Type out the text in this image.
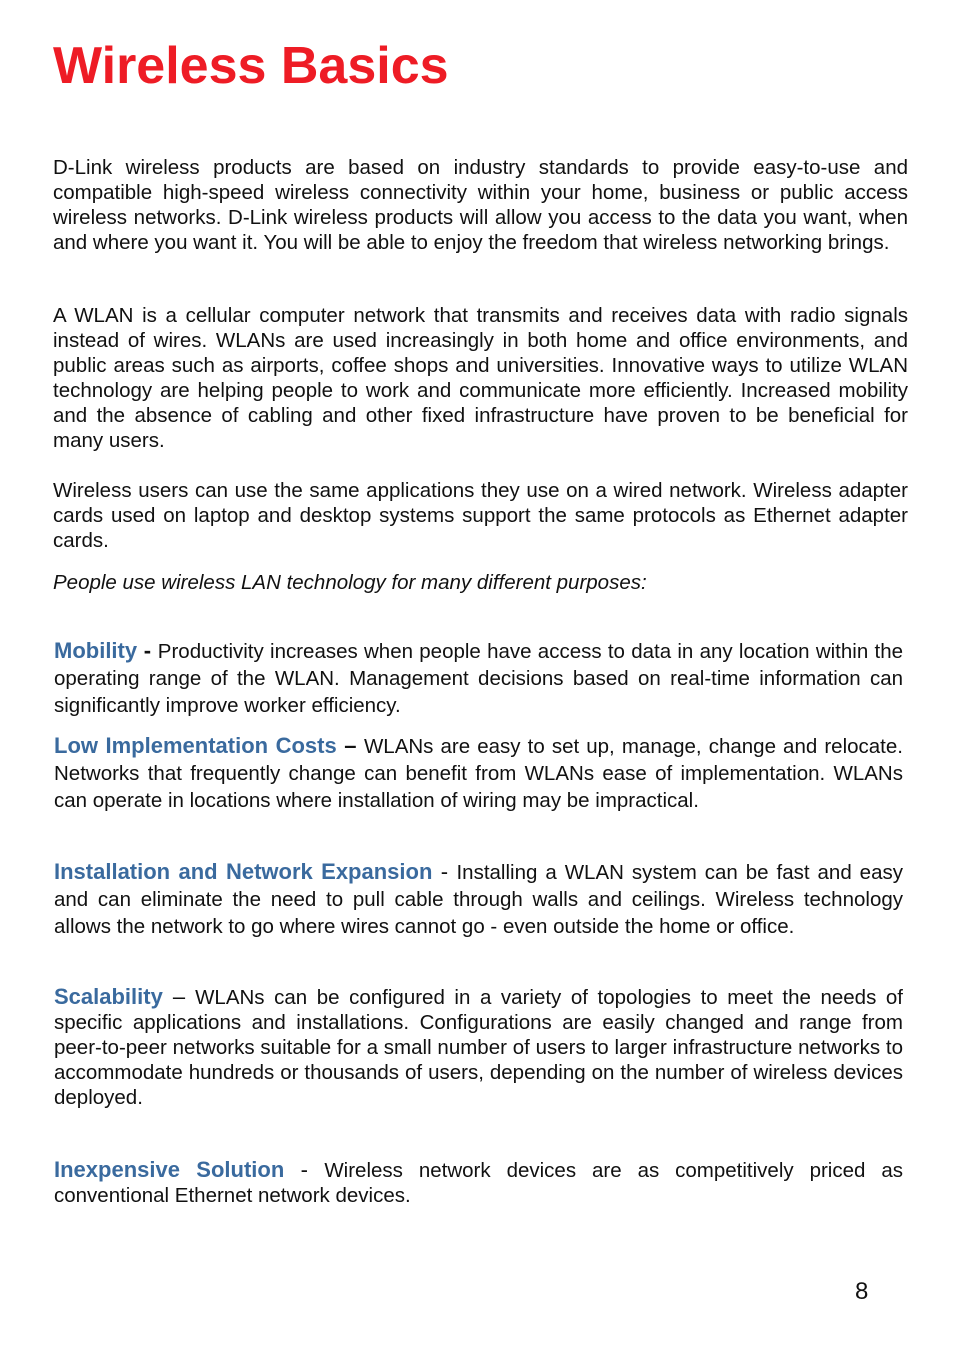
Wireless Basics

D-Link wireless products are based on industry standards to provide easy-to-use and compatible high-speed wireless connectivity within your home, business or public access wireless networks. D-Link wireless products will allow you access to the data you want, when and where you want it. You will be able to enjoy the freedom that wireless networking brings.

A WLAN is a cellular computer network that transmits and receives data with radio signals instead of wires. WLANs are used increasingly in both home and office environments, and public areas such as airports, coffee shops and universities. Innovative ways to utilize WLAN technology are helping people to work and communicate more efficiently. Increased mobility and the absence of cabling and other fixed infrastructure have proven to be beneficial for many users.

Wireless users can use the same applications they use on a wired network. Wireless adapter cards used on laptop and desktop systems support the same protocols as Ethernet adapter cards.

People use wireless LAN technology for many different purposes:

Mobility - Productivity increases when people have access to data in any location within the operating range of the WLAN. Management decisions based on real-time information can significantly improve worker efficiency.

Low Implementation Costs – WLANs are easy to set up, manage, change and relocate. Networks that frequently change can benefit from WLANs ease of implementation. WLANs can operate in locations where installation of wiring may be impractical.

Installation and Network Expansion - Installing a WLAN system can be fast and easy and can eliminate the need to pull cable through walls and ceilings. Wireless technology allows the network to go where wires cannot go - even outside the home or office.

Scalability – WLANs can be configured in a variety of topologies to meet the needs of specific applications and installations. Configurations are easily changed and range from peer-to-peer networks suitable for a small number of users to larger infrastructure networks to accommodate hundreds or thousands of users, depending on the number of wireless devices deployed.

Inexpensive Solution - Wireless network devices are as competitively priced as conventional Ethernet network devices.

8
